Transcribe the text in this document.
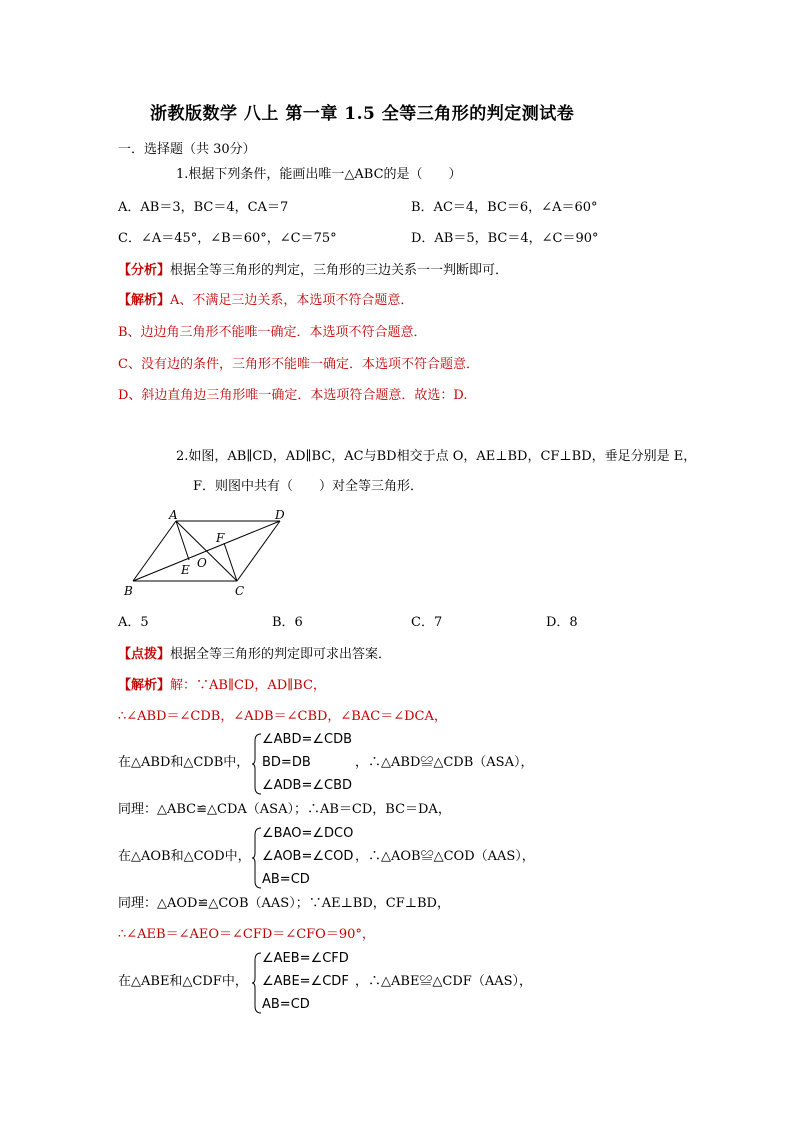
浙教版数学 八上 第一章 1.5 全等三角形的判定测试卷
一．选择题（共 30分）
1.根据下列条件，能画出唯一△ABC的是（　　）
A．AB＝3，BC＝4，CA＝7	B．AC＝4，BC＝6，∠A＝60°
C．∠A＝45°，∠B＝60°，∠C＝75°	D．AB＝5，BC＝4，∠C＝90°
【分析】根据全等三角形的判定，三角形的三边关系一一判断即可．
【解析】A、不满足三边关系，本选项不符合题意．
B、边边角三角形不能唯一确定．本选项不符合题意．
C、没有边的条件，三角形不能唯一确定．本选项不符合题意．
D、斜边直角边三角形唯一确定．本选项符合题意．故选：D.
2.如图，AB∥CD，AD∥BC，AC与BD相交于点 O，AE⊥BD，CF⊥BD，垂足分别是 E，
F．则图中共有（　　）对全等三角形．
A	D
B	C
F
E O
A．5	B．6	C．7	D．8
【点拨】根据全等三角形的判定即可求出答案．
【解析】解：∵AB∥CD，AD∥BC，
∴∠ABD＝∠CDB，∠ADB＝∠CBD，∠BAC＝∠DCA，
在△ABD和△CDB中，
∠ABD=∠CDB
BD=DB
∠ADB=∠CBD
，∴△ABD≌△CDB（ASA），
同理：△ABC≌△CDA（ASA）；∴AB＝CD，BC＝DA，
在△AOB和△COD中，
∠BAO=∠DCO
∠AOB=∠COD
AB=CD
，∴△AOB≌△COD（AAS），
同理：△AOD≌△COB（AAS）；∵AE⊥BD，CF⊥BD，
∴∠AEB＝∠AEO＝∠CFD＝∠CFO＝90°，
在△ABE和△CDF中，
∠AEB=∠CFD
∠ABE=∠CDF
AB=CD
，∴△ABE≌△CDF（AAS），
